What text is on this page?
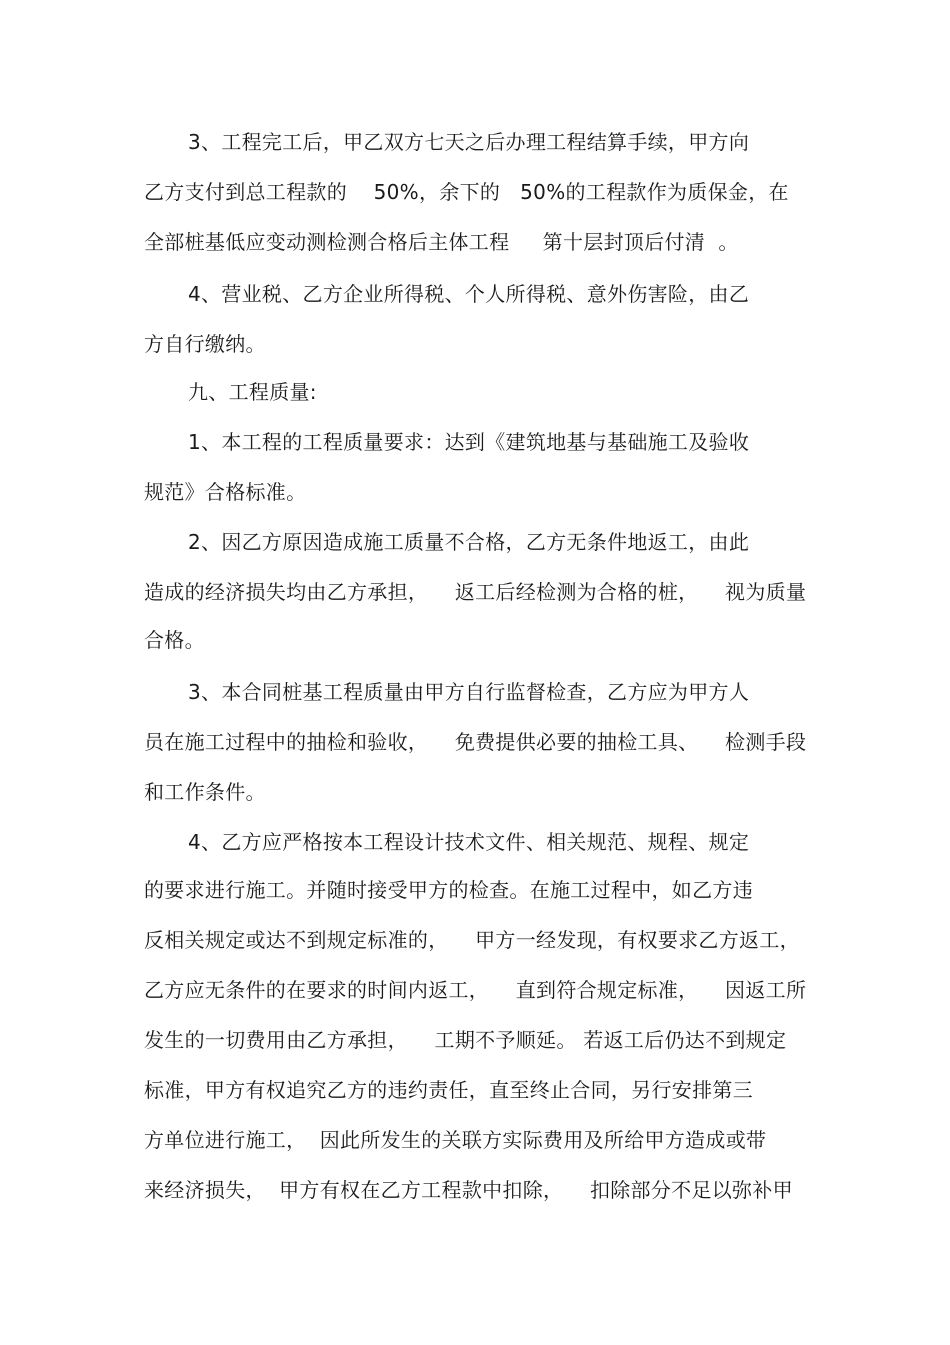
3、工程完工后，甲乙双方七天之后办理工程结算手续，甲方向
乙方支付到总工程款的    50%，余下的   50%的工程款作为质保金，在
全部桩基低应变动测检测合格后主体工程     第十层封顶后付清  。
4、营业税、乙方企业所得税、个人所得税、意外伤害险，由乙
方自行缴纳。
九、工程质量:
1、本工程的工程质量要求：达到《建筑地基与基础施工及验收
规范》合格标准。
2、因乙方原因造成施工质量不合格，乙方无条件地返工，由此
造成的经济损失均由乙方承担，    返工后经检测为合格的桩，    视为质量
合格。
3、本合同桩基工程质量由甲方自行监督检查，乙方应为甲方人
员在施工过程中的抽检和验收，    免费提供必要的抽检工具、    检测手段
和工作条件。
4、乙方应严格按本工程设计技术文件、相关规范、规程、规定
的要求进行施工。并随时接受甲方的检查。在施工过程中，如乙方违
反相关规定或达不到规定标准的，    甲方一经发现，有权要求乙方返工，
乙方应无条件的在要求的时间内返工，    直到符合规定标准，    因返工所
发生的一切费用由乙方承担，    工期不予顺延。 若返工后仍达不到规定
标准，甲方有权追究乙方的违约责任，直至终止合同，另行安排第三
方单位进行施工，  因此所发生的关联方实际费用及所给甲方造成或带
来经济损失，  甲方有权在乙方工程款中扣除，    扣除部分不足以弥补甲
